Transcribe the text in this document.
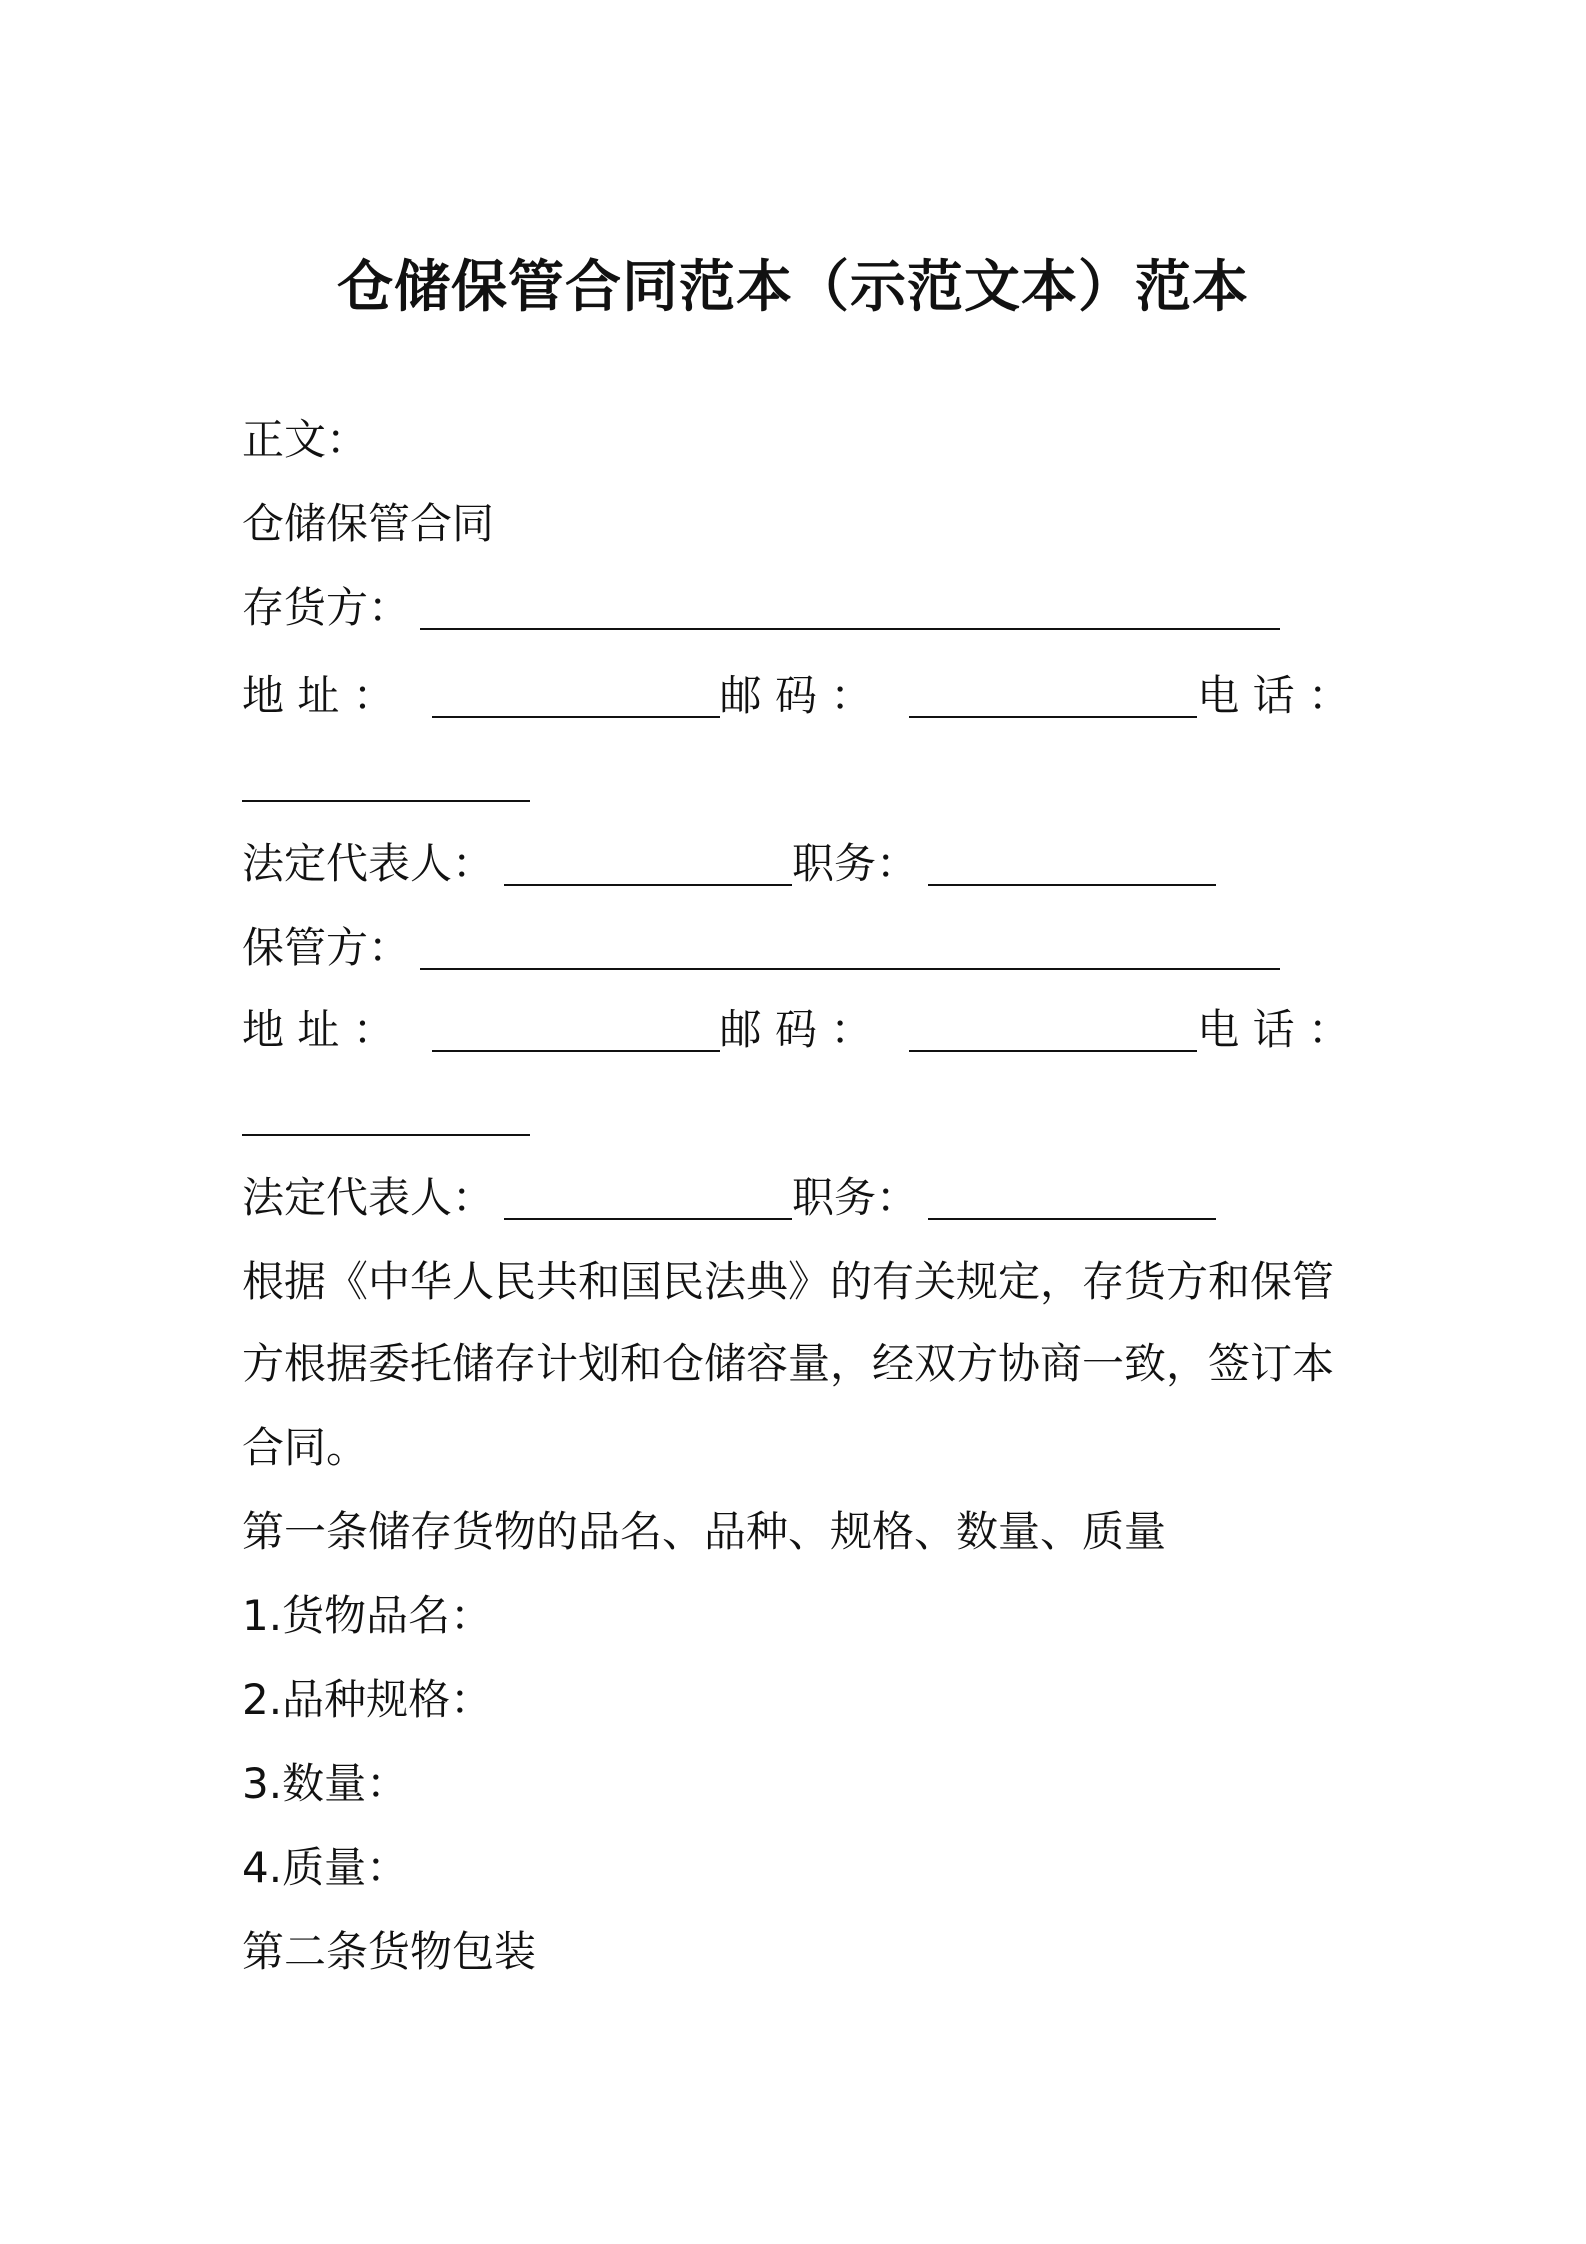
仓储保管合同范本（示范文本）范本
正文：
仓储保管合同
存货方：
地 址 ：	邮 码 ：	电 话 ：
法定代表人：	职务：
保管方：
地 址 ：	邮 码 ：	电 话 ：
法定代表人：	职务：
根据《中华人民共和国民法典》的有关规定，存货方和保管
方根据委托储存计划和仓储容量，经双方协商一致，签订本
合同。
第一条储存货物的品名、品种、规格、数量、质量
1.货物品名：
2.品种规格：
3.数量：
4.质量：
第二条货物包装
